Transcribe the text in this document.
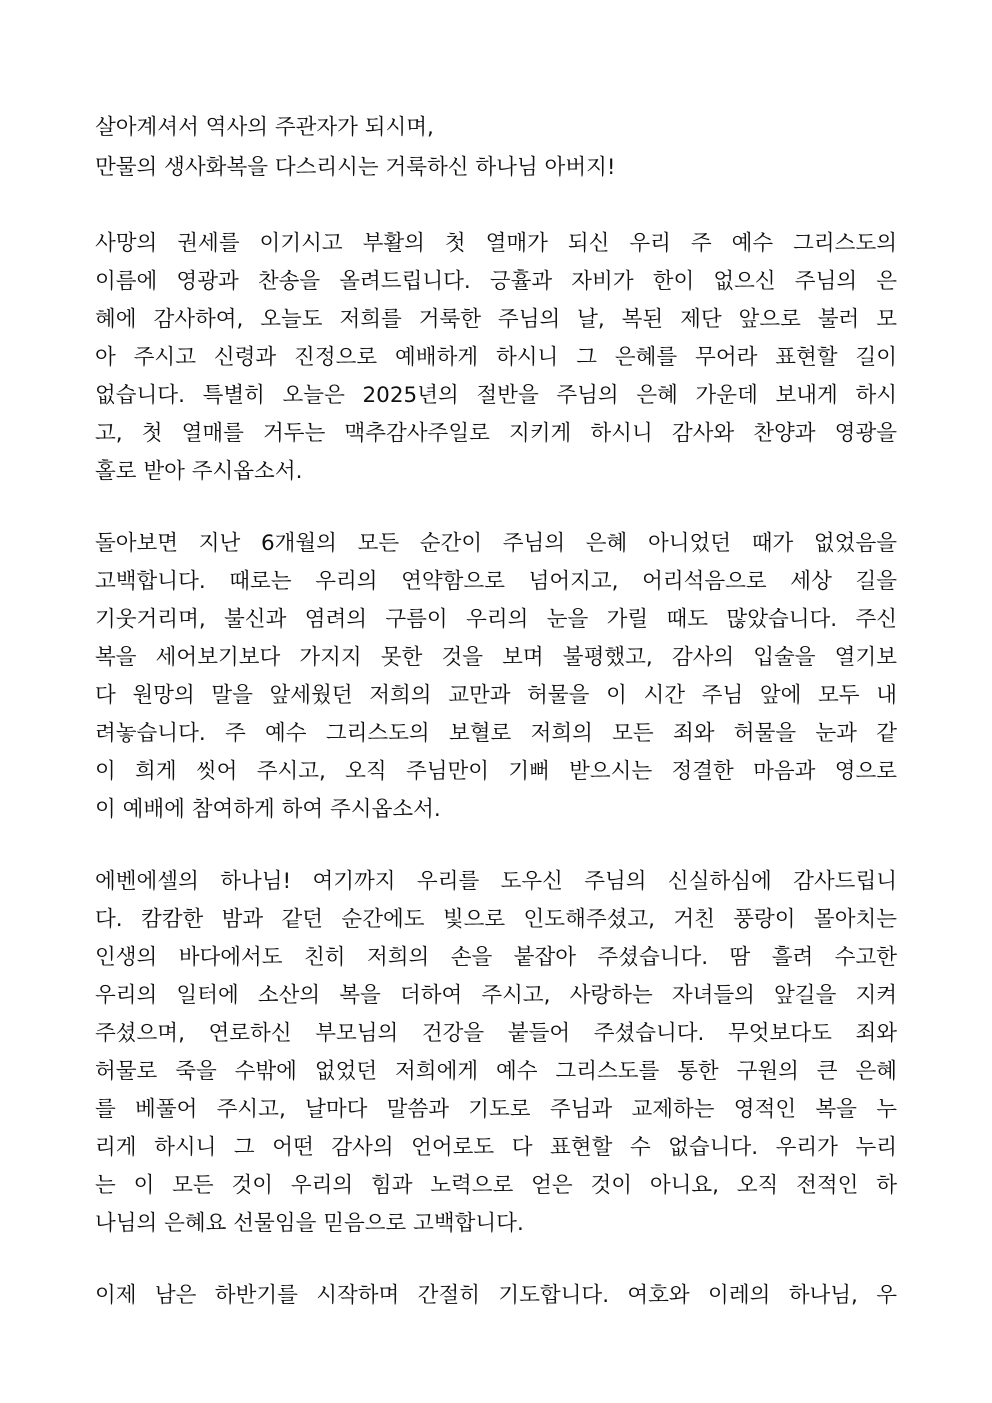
살아계셔서 역사의 주관자가 되시며,
만물의 생사화복을 다스리시는 거룩하신 하나님 아버지!
사망의 권세를 이기시고 부활의 첫 열매가 되신 우리 주 예수 그리스도의
이름에 영광과 찬송을 올려드립니다. 긍휼과 자비가 한이 없으신 주님의 은
혜에 감사하여, 오늘도 저희를 거룩한 주님의 날, 복된 제단 앞으로 불러 모
아 주시고 신령과 진정으로 예배하게 하시니 그 은혜를 무어라 표현할 길이
없습니다. 특별히 오늘은 2025년의 절반을 주님의 은혜 가운데 보내게 하시
고, 첫 열매를 거두는 맥추감사주일로 지키게 하시니 감사와 찬양과 영광을
홀로 받아 주시옵소서.
돌아보면 지난 6개월의 모든 순간이 주님의 은혜 아니었던 때가 없었음을
고백합니다. 때로는 우리의 연약함으로 넘어지고, 어리석음으로 세상 길을
기웃거리며, 불신과 염려의 구름이 우리의 눈을 가릴 때도 많았습니다. 주신
복을 세어보기보다 가지지 못한 것을 보며 불평했고, 감사의 입술을 열기보
다 원망의 말을 앞세웠던 저희의 교만과 허물을 이 시간 주님 앞에 모두 내
려놓습니다. 주 예수 그리스도의 보혈로 저희의 모든 죄와 허물을 눈과 같
이 희게 씻어 주시고, 오직 주님만이 기뻐 받으시는 정결한 마음과 영으로
이 예배에 참여하게 하여 주시옵소서.
에벤에셀의 하나님! 여기까지 우리를 도우신 주님의 신실하심에 감사드립니
다. 캄캄한 밤과 같던 순간에도 빛으로 인도해주셨고, 거친 풍랑이 몰아치는
인생의 바다에서도 친히 저희의 손을 붙잡아 주셨습니다. 땀 흘려 수고한
우리의 일터에 소산의 복을 더하여 주시고, 사랑하는 자녀들의 앞길을 지켜
주셨으며, 연로하신 부모님의 건강을 붙들어 주셨습니다. 무엇보다도 죄와
허물로 죽을 수밖에 없었던 저희에게 예수 그리스도를 통한 구원의 큰 은혜
를 베풀어 주시고, 날마다 말씀과 기도로 주님과 교제하는 영적인 복을 누
리게 하시니 그 어떤 감사의 언어로도 다 표현할 수 없습니다. 우리가 누리
는 이 모든 것이 우리의 힘과 노력으로 얻은 것이 아니요, 오직 전적인 하
나님의 은혜요 선물임을 믿음으로 고백합니다.
이제 남은 하반기를 시작하며 간절히 기도합니다. 여호와 이레의 하나님, 우
